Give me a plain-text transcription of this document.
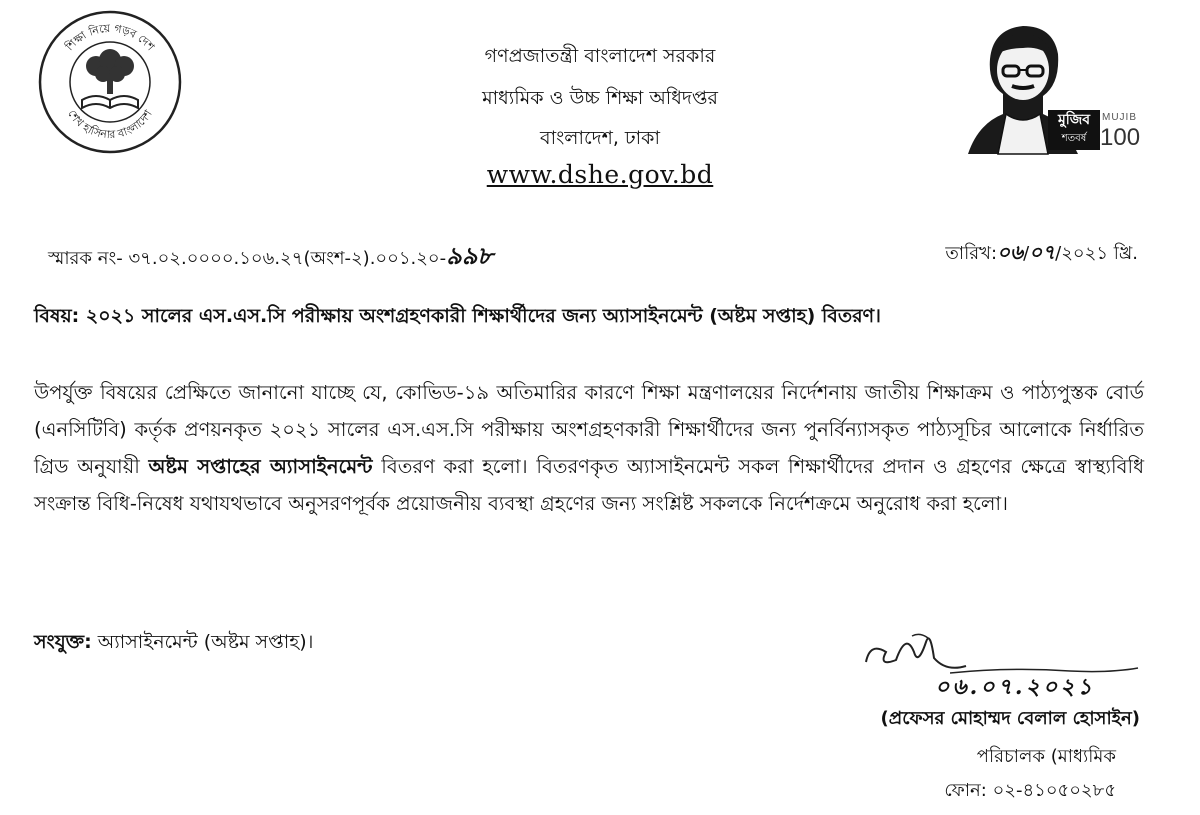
শিক্ষা নিয়ে গড়ব দেশ
শেখ হাসিনার বাংলাদেশ
গণপ্রজাতন্ত্রী বাংলাদেশ সরকার
মাধ্যমিক ও উচ্চ শিক্ষা অধিদপ্তর
বাংলাদেশ, ঢাকা
www.dshe.gov.bd
মুজিব
শতবর্ষ
MUJIB
100
স্মারক নং- ৩৭.০২.০০০০.১০৬.২৭(অংশ-২).০০১.২০-৯৯৮	তারিখ:০৬/০৭/২০২১ খ্রি.
বিষয়: ২০২১ সালের এস.এস.সি পরীক্ষায় অংশগ্রহণকারী শিক্ষার্থীদের জন্য অ্যাসাইনমেন্ট (অষ্টম সপ্তাহ) বিতরণ।
উপর্যুক্ত বিষয়ের প্রেক্ষিতে জানানো যাচ্ছে যে, কোভিড-১৯ অতিমারির কারণে শিক্ষা মন্ত্রণালয়ের নির্দেশনায় জাতীয় শিক্ষাক্রম ও পাঠ্যপুস্তক বোর্ড (এনসিটিবি) কর্তৃক প্রণয়নকৃত ২০২১ সালের এস.এস.সি পরীক্ষায় অংশগ্রহণকারী শিক্ষার্থীদের জন্য পুনর্বিন্যাসকৃত পাঠ্যসূচির আলোকে নির্ধারিত গ্রিড অনুযায়ী অষ্টম সপ্তাহের অ্যাসাইনমেন্ট বিতরণ করা হলো। বিতরণকৃত অ্যাসাইনমেন্ট সকল শিক্ষার্থীদের প্রদান ও গ্রহণের ক্ষেত্রে স্বাস্থ্যবিধি সংক্রান্ত বিধি-নিষেধ যথাযথভাবে অনুসরণপূর্বক প্রয়োজনীয় ব্যবস্থা গ্রহণের জন্য সংশ্লিষ্ট সকলকে নির্দেশক্রমে অনুরোধ করা হলো।
সংযুক্ত: অ্যাসাইনমেন্ট (অষ্টম সপ্তাহ)।
০৬.০৭.২০২১
(প্রফেসর মোহাম্মদ বেলাল হোসাইন)
পরিচালক (মাধ্যমিক
ফোন: ০২-৪১০৫০২৮৫
